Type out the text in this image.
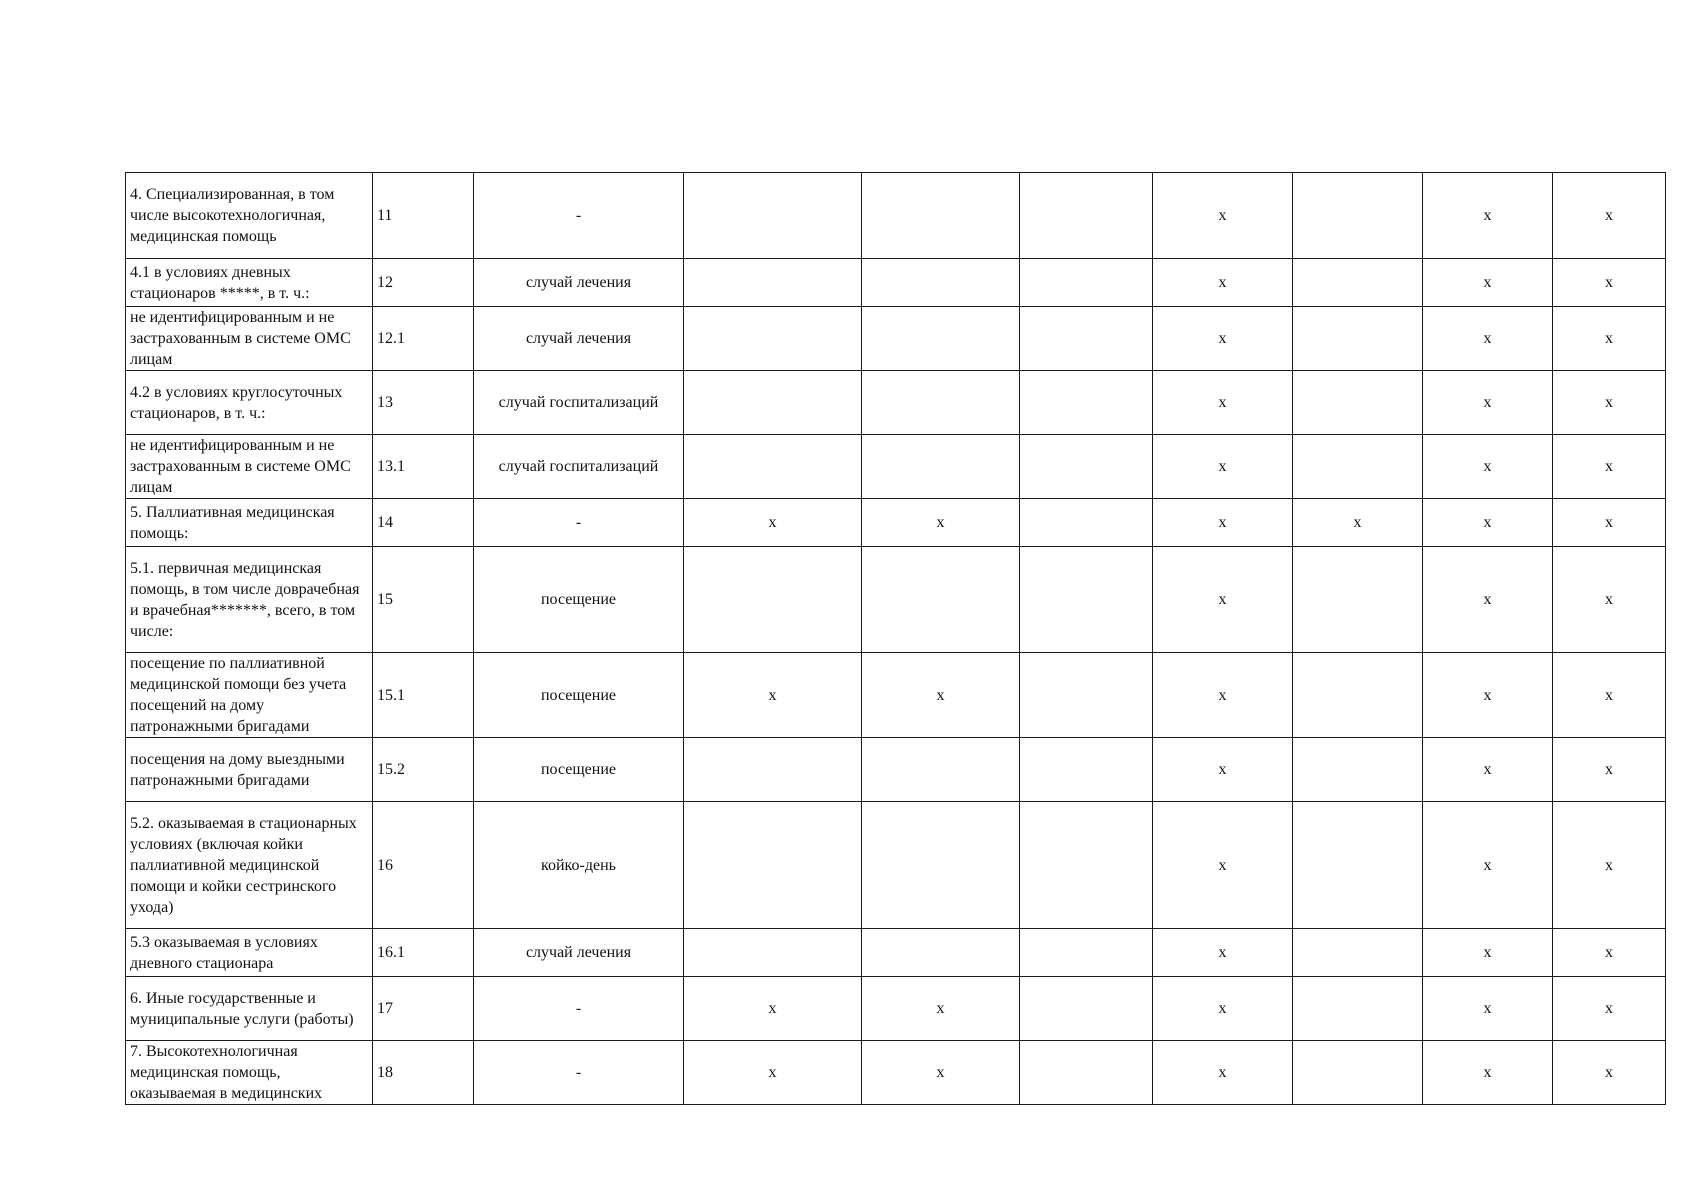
4. Специализированная, в том числе высокотехнологичная, медицинская помощь	11	-				x		x	x
4.1 в условиях дневных стационаров *****, в т. ч.:	12	случай лечения				x		x	x
не идентифицированным и не застрахованным в системе ОМС лицам	12.1	случай лечения				x		x	x
4.2 в условиях круглосуточных стационаров, в т. ч.:	13	случай госпитализаций				x		x	x
не идентифицированным и не застрахованным в системе ОМС лицам	13.1	случай госпитализаций				x		x	x
5. Паллиативная медицинская помощь:	14	-	x	x		x	x	x	x
5.1. первичная медицинская помощь, в том числе доврачебная и врачебная*******, всего, в том числе:	15	посещение				x		x	x
посещение по паллиативной медицинской помощи без учета посещений на дому патронажными бригадами	15.1	посещение	x	x		x		x	x
посещения на дому выездными патронажными бригадами	15.2	посещение				x		x	x
5.2. оказываемая в стационарных условиях (включая койки паллиативной медицинской помощи и койки сестринского ухода)	16	койко-день				x		x	x
5.3 оказываемая в условиях дневного стационара	16.1	случай лечения				x		x	x
6. Иные государственные и муниципальные услуги (работы)	17	-	x	x		x		x	x
7. Высокотехнологичная медицинская помощь, оказываемая в медицинских	18	-	x	x		x		x	x
